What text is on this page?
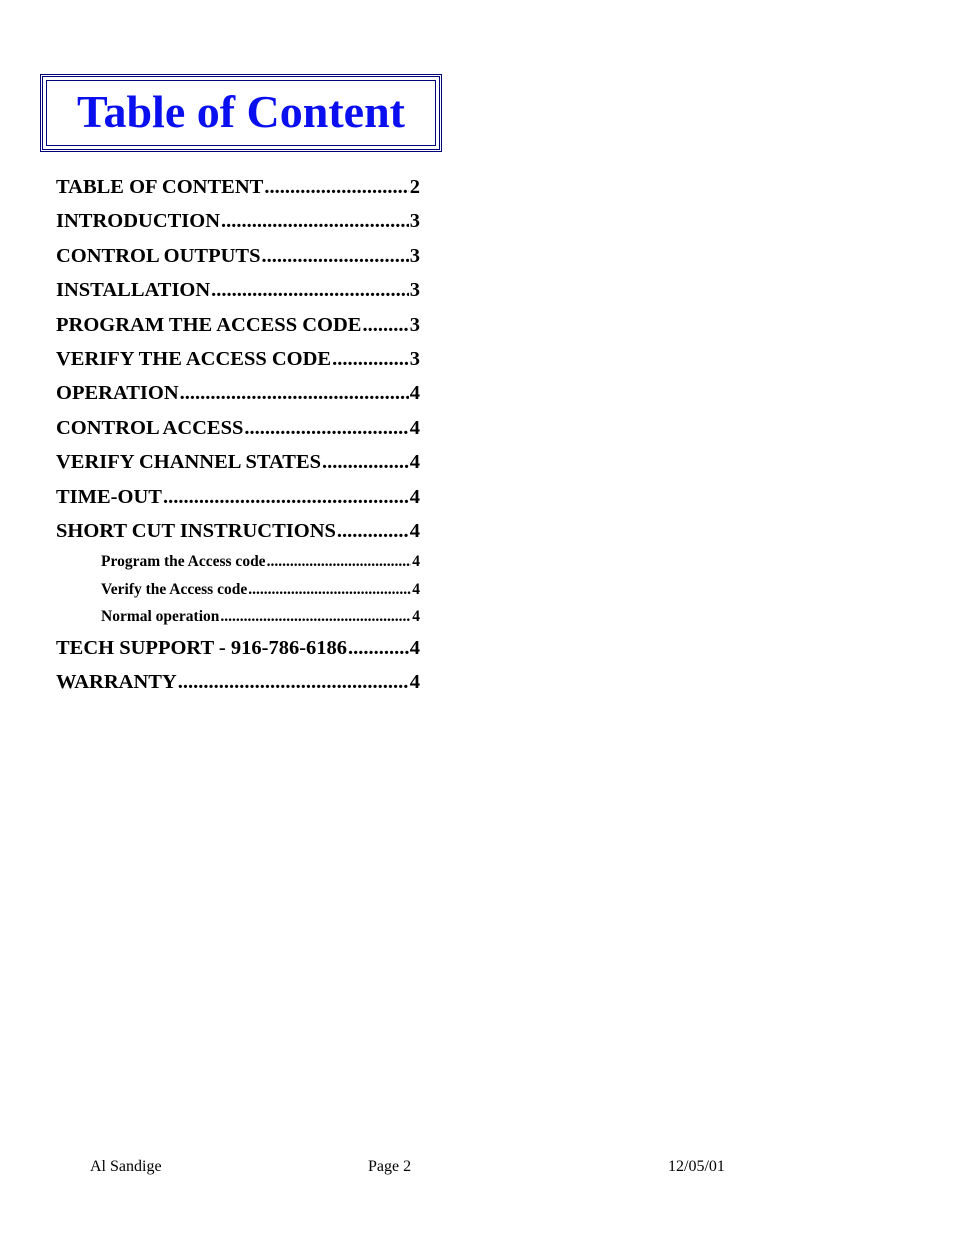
Table of Content
TABLE OF CONTENT .....	2
INTRODUCTION .....	3
CONTROL OUTPUTS .....	3
INSTALLATION .....	3
PROGRAM THE ACCESS CODE ..... 3
VERIFY THE ACCESS CODE .....	3
OPERATION .....	4
CONTROL ACCESS .....	4
VERIFY CHANNEL STATES .....	4
TIME-OUT .....	4
SHORT CUT INSTRUCTIONS .....	4
Program the Access code .....	4
Verify the Access code .....	4
Normal operation .....	4
TECH SUPPORT - 916-786-6186 .....	4
WARRANTY .....	4
Al Sandige	Page 2	12/05/01
